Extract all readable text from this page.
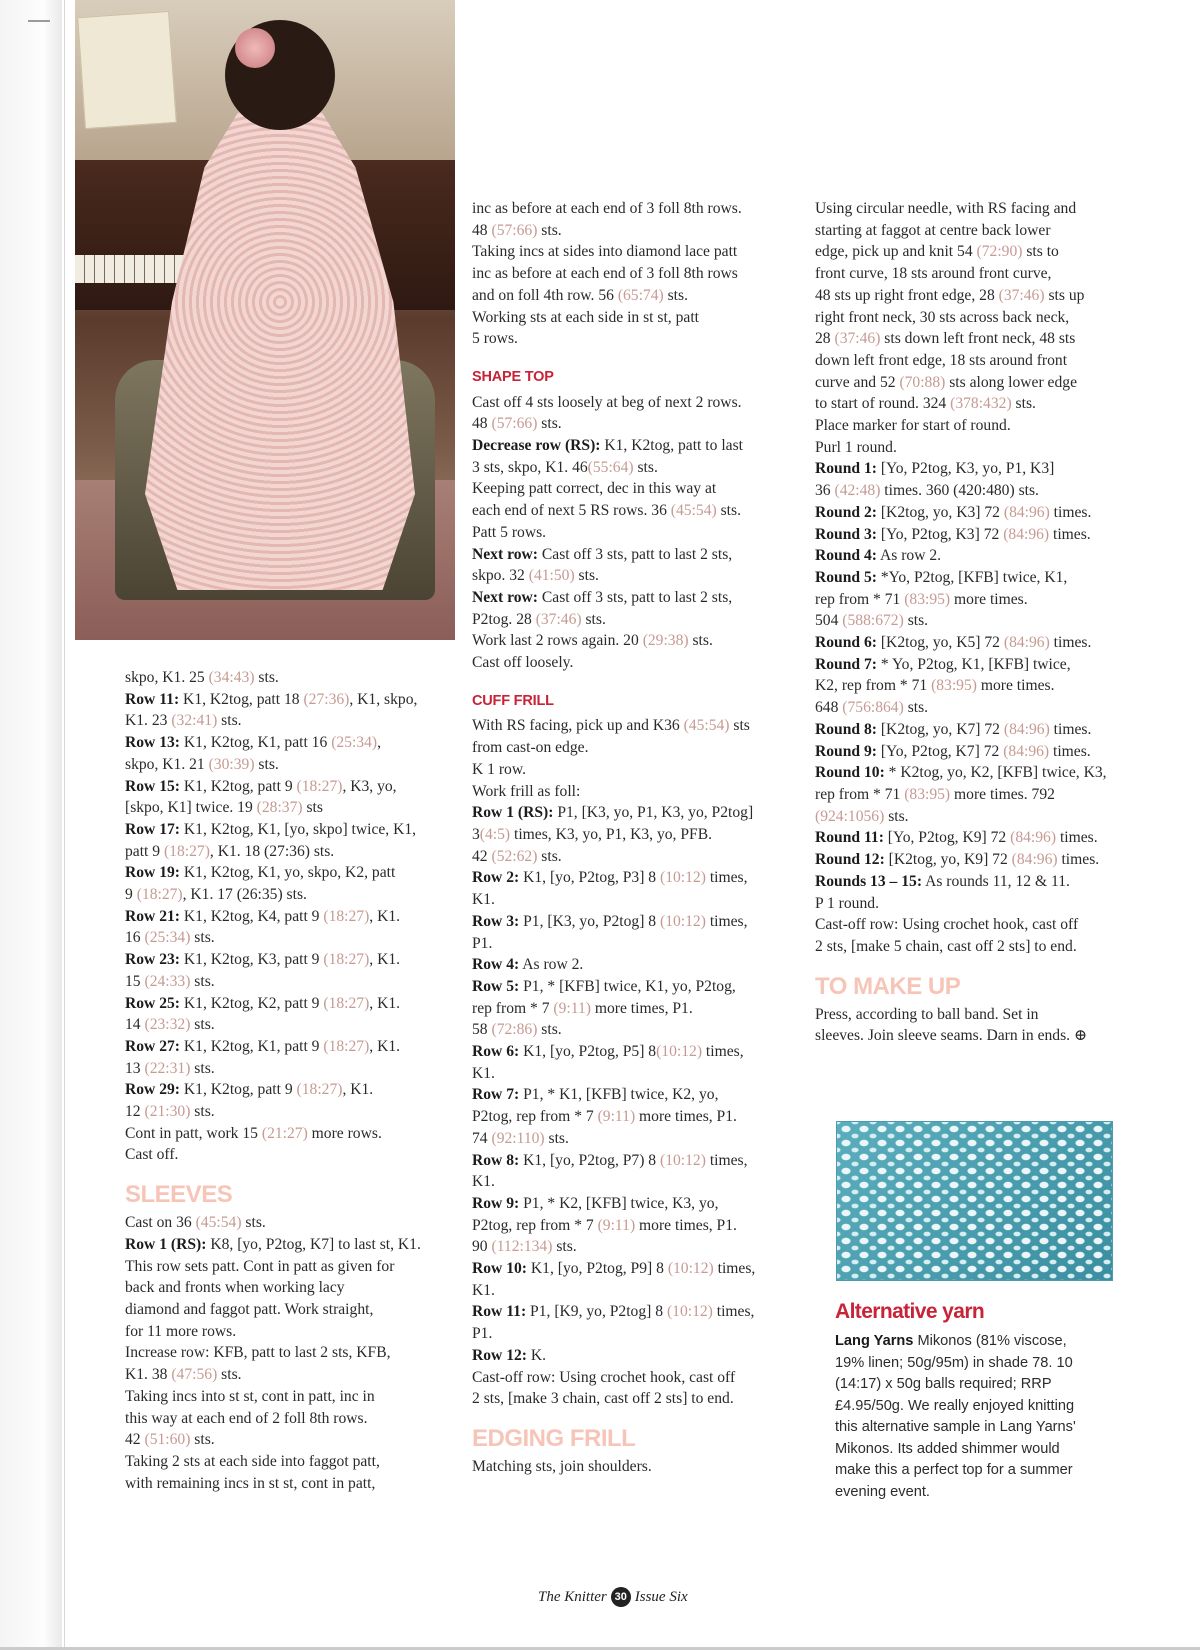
skpo, K1. 25 (34:43) sts.

Row 11: K1, K2tog, patt 18 (27:36), K1, skpo,

K1. 23 (32:41) sts.

Row 13: K1, K2tog, K1, patt 16 (25:34),

skpo, K1. 21 (30:39) sts.

Row 15: K1, K2tog, patt 9 (18:27), K3, yo,

[skpo, K1] twice. 19 (28:37) sts

Row 17: K1, K2tog, K1, [yo, skpo] twice, K1,

patt 9 (18:27), K1. 18 (27:36) sts.

Row 19: K1, K2tog, K1, yo, skpo, K2, patt

9 (18:27), K1. 17 (26:35) sts.

Row 21: K1, K2tog, K4, patt 9 (18:27), K1.

16 (25:34) sts.

Row 23: K1, K2tog, K3, patt 9 (18:27), K1.

15 (24:33) sts.

Row 25: K1, K2tog, K2, patt 9 (18:27), K1.

14 (23:32) sts.

Row 27: K1, K2tog, K1, patt 9 (18:27), K1.

13 (22:31) sts.

Row 29: K1, K2tog, patt 9 (18:27), K1.

12 (21:30) sts.

Cont in patt, work 15 (21:27) more rows.

Cast off.

SLEEVES

Cast on 36 (45:54) sts.

Row 1 (RS): K8, [yo, P2tog, K7] to last st, K1.

This row sets patt. Cont in patt as given for

back and fronts when working lacy

diamond and faggot patt. Work straight,

for 11 more rows.

Increase row: KFB, patt to last 2 sts, KFB,

K1. 38 (47:56) sts.

Taking incs into st st, cont in patt, inc in

this way at each end of 2 foll 8th rows.

42 (51:60) sts.

Taking 2 sts at each side into faggot patt,

with remaining incs in st st, cont in patt,

inc as before at each end of 3 foll 8th rows.

48 (57:66) sts.

Taking incs at sides into diamond lace patt

inc as before at each end of 3 foll 8th rows

and on foll 4th row. 56 (65:74) sts.

Working sts at each side in st st, patt

5 rows.

SHAPE TOP

Cast off 4 sts loosely at beg of next 2 rows.

48 (57:66) sts.

Decrease row (RS): K1, K2tog, patt to last

3 sts, skpo, K1. 46(55:64) sts.

Keeping patt correct, dec in this way at

each end of next 5 RS rows. 36 (45:54) sts.

Patt 5 rows.

Next row: Cast off 3 sts, patt to last 2 sts,

skpo. 32 (41:50) sts.

Next row: Cast off 3 sts, patt to last 2 sts,

P2tog. 28 (37:46) sts.

Work last 2 rows again. 20 (29:38) sts.

Cast off loosely.

CUFF FRILL

With RS facing, pick up and K36 (45:54) sts

from cast-on edge.

K 1 row.

Work frill as foll:

Row 1 (RS): P1, [K3, yo, P1, K3, yo, P2tog]

3(4:5) times, K3, yo, P1, K3, yo, PFB.

42 (52:62) sts.

Row 2: K1, [yo, P2tog, P3] 8 (10:12) times,

K1.

Row 3: P1, [K3, yo, P2tog] 8 (10:12) times,

P1.

Row 4: As row 2.

Row 5: P1, * [KFB] twice, K1, yo, P2tog,

rep from * 7 (9:11) more times, P1.

58 (72:86) sts.

Row 6: K1, [yo, P2tog, P5] 8(10:12) times,

K1.

Row 7: P1, * K1, [KFB] twice, K2, yo,

P2tog, rep from * 7 (9:11) more times, P1.

74 (92:110) sts.

Row 8: K1, [yo, P2tog, P7) 8 (10:12) times,

K1.

Row 9: P1, * K2, [KFB] twice, K3, yo,

P2tog, rep from * 7 (9:11) more times, P1.

90 (112:134) sts.

Row 10: K1, [yo, P2tog, P9] 8 (10:12) times,

K1.

Row 11: P1, [K9, yo, P2tog] 8 (10:12) times,

P1.

Row 12: K.

Cast-off row: Using crochet hook, cast off

2 sts, [make 3 chain, cast off 2 sts] to end.

EDGING FRILL

Matching sts, join shoulders.

Using circular needle, with RS facing and

starting at faggot at centre back lower

edge, pick up and knit 54 (72:90) sts to

front curve, 18 sts around front curve,

48 sts up right front edge, 28 (37:46) sts up

right front neck, 30 sts across back neck,

28 (37:46) sts down left front neck, 48 sts

down left front edge, 18 sts around front

curve and 52 (70:88) sts along lower edge

to start of round. 324 (378:432) sts.

Place marker for start of round.

Purl 1 round.

Round 1: [Yo, P2tog, K3, yo, P1, K3]

36 (42:48) times. 360 (420:480) sts.

Round 2: [K2tog, yo, K3] 72 (84:96) times.

Round 3: [Yo, P2tog, K3] 72 (84:96) times.

Round 4: As row 2.

Round 5: *Yo, P2tog, [KFB] twice, K1,

rep from * 71 (83:95) more times.

504 (588:672) sts.

Round 6: [K2tog, yo, K5] 72 (84:96) times.

Round 7: * Yo, P2tog, K1, [KFB] twice,

K2, rep from * 71 (83:95) more times.

648 (756:864) sts.

Round 8: [K2tog, yo, K7] 72 (84:96) times.

Round 9: [Yo, P2tog, K7] 72 (84:96) times.

Round 10: * K2tog, yo, K2, [KFB] twice, K3,

rep from * 71 (83:95) more times. 792

(924:1056) sts.

Round 11: [Yo, P2tog, K9] 72 (84:96) times.

Round 12: [K2tog, yo, K9] 72 (84:96) times.

Rounds 13 – 15: As rounds 11, 12 & 11.

P 1 round.

Cast-off row: Using crochet hook, cast off

2 sts, [make 5 chain, cast off 2 sts] to end.

TO MAKE UP

Press, according to ball band. Set in

sleeves. Join sleeve seams. Darn in ends. ⊕

Alternative yarn
Lang Yarns Mikonos (81% viscose, 19% linen; 50g/95m) in shade 78. 10 (14:17) x 50g balls required; RRP £4.95/50g. We really enjoyed knitting this alternative sample in Lang Yarns' Mikonos. Its added shimmer would make this a perfect top for a summer evening event.
The Knitter 30 Issue Six
